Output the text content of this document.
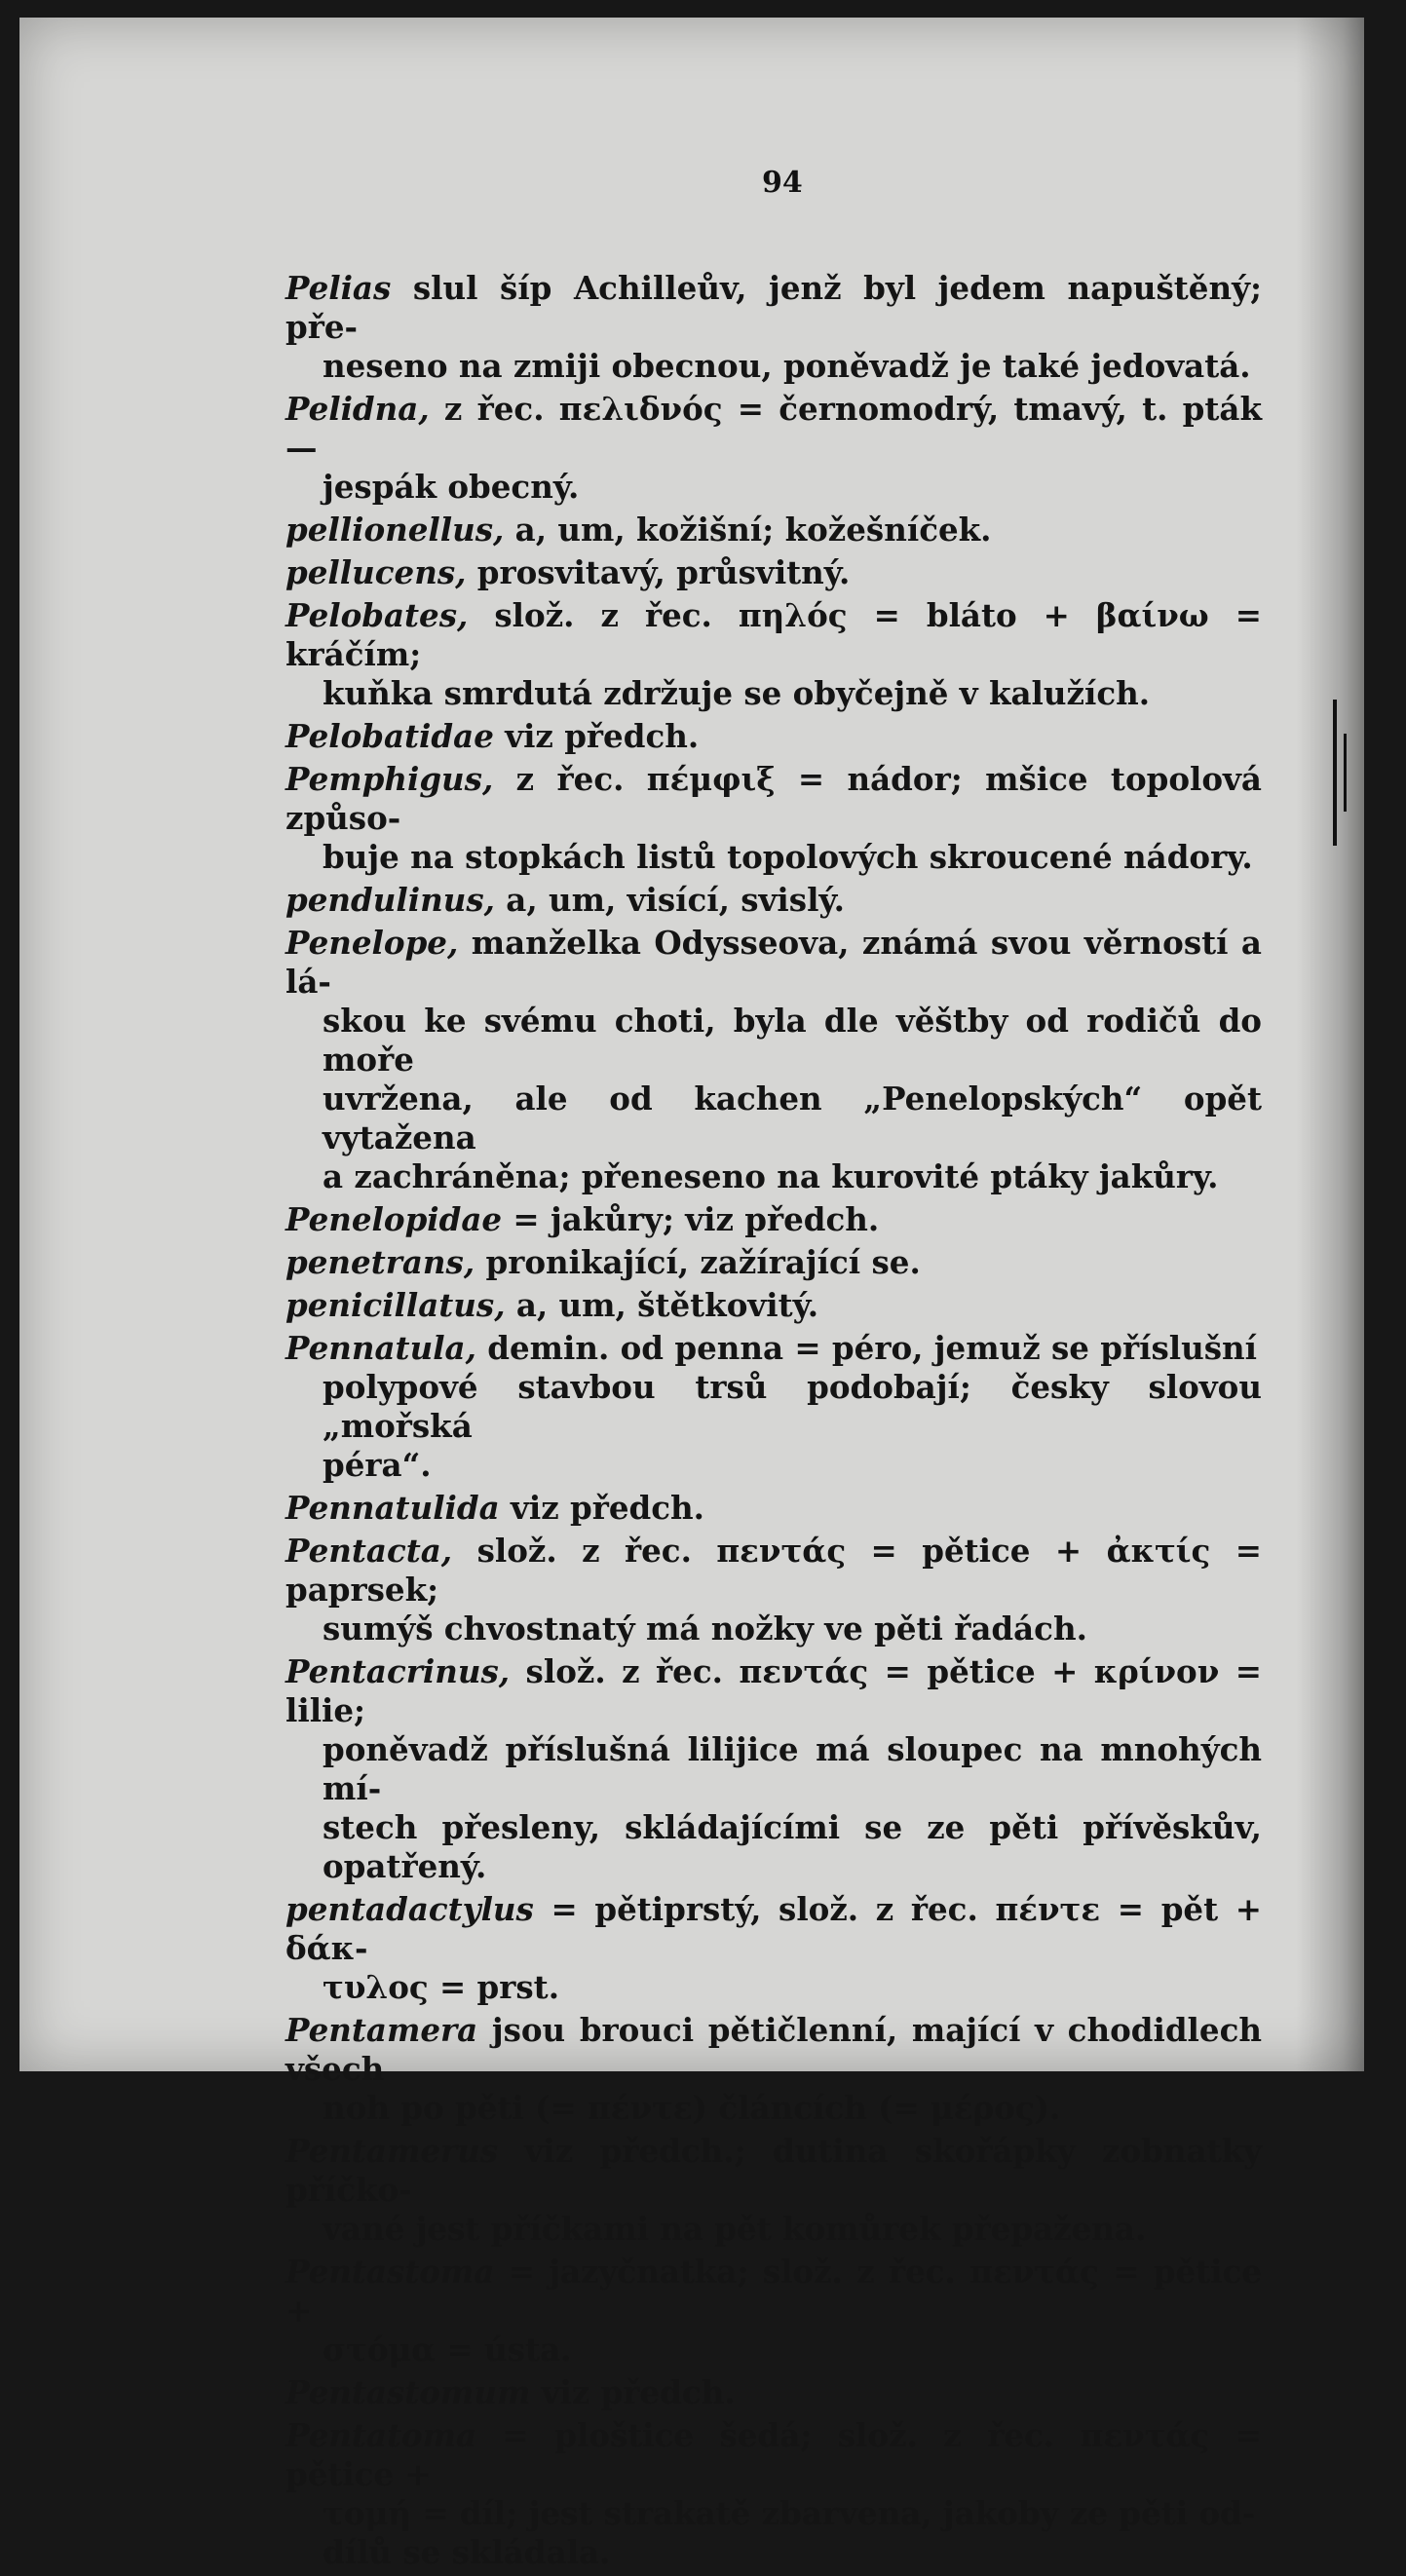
94
Pelias slul šíp Achilleův, jenž byl jedem napuštěný; pře-
neseno na zmiji obecnou, poněvadž je také jedovatá.
Pelidna, z řec. πελιδνός = černomodrý, tmavý, t. pták —
jespák obecný.
pellionellus, a, um, kožišní; kožešníček.
pellucens, prosvitavý, průsvitný.
Pelobates, slož. z řec. πηλός = bláto + βαίνω = kráčím;
kuňka smrdutá zdržuje se obyčejně v kalužích.
Pelobatidae viz předch.
Pemphigus, z řec. πέμφιξ = nádor; mšice topolová způso-
buje na stopkách listů topolových skroucené nádory.
pendulinus, a, um, visící, svislý.
Penelope, manželka Odysseova, známá svou věrností a lá-
skou ke svému choti, byla dle věštby od rodičů do moře
uvržena, ale od kachen „Penelopských“ opět vytažena
a zachráněna; přeneseno na kurovité ptáky jakůry.
Penelopidae = jakůry; viz předch.
penetrans, pronikající, zažírající se.
penicillatus, a, um, štětkovitý.
Pennatula, demin. od penna = péro, jemuž se příslušní
polypové stavbou trsů podobají; česky slovou „mořská
péra“.
Pennatulida viz předch.
Pentacta, slož. z řec. πεντάς = pětice + ἀκτίς = paprsek;
sumýš chvostnatý má nožky ve pěti řadách.
Pentacrinus, slož. z řec. πεντάς = pětice + κρίνον = lilie;
poněvadž příslušná lilijice má sloupec na mnohých mí-
stech přesleny, skládajícími se ze pěti přívěskův, opatřený.
pentadactylus = pětiprstý, slož. z řec. πέντε = pět + δάκ-
τυλος = prst.
Pentamera jsou brouci pětičlenní, mající v chodidlech všech
noh po pěti (= πέντε) článcích (= μέρος).
Pentamerus viz předch.; dutina skořápky zobnatky příčko-
vané jest příčkami na pět komůrek přepažena.
Pentastoma = jazyčnatka; slož. z řec. πεντάς = pětice +
στόμα = ústa.
Pentastomum viz předch.
Pentatoma = ploštice šedá; slož. z řec. πεντάς = pětice +
τομή = díl; jest strakatě zbarvena, jakoby ze pěti od-
dílů se skládala.
